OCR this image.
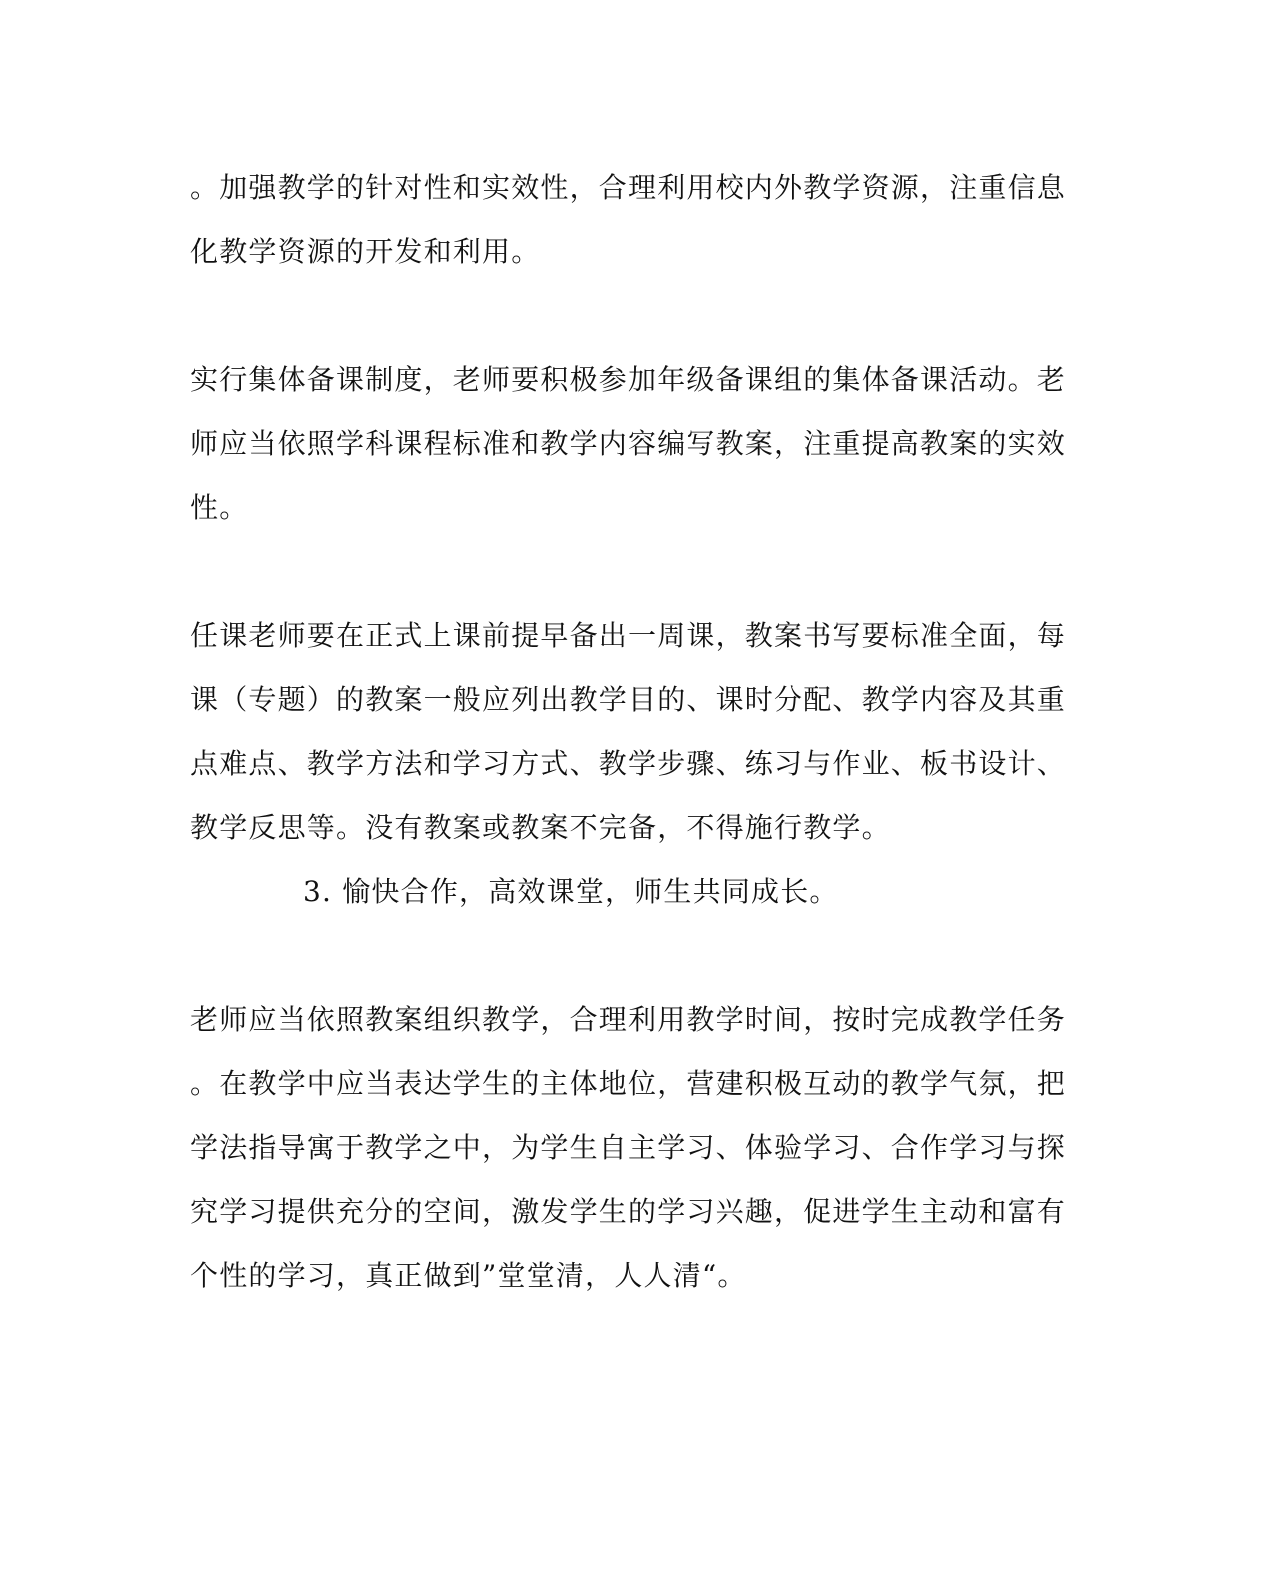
。加强教学的针对性和实效性，合理利用校内外教学资源，注重信息
化教学资源的开发和利用。
实行集体备课制度，老师要积极参加年级备课组的集体备课活动。老
师应当依照学科课程标准和教学内容编写教案，注重提高教案的实效
性。
任课老师要在正式上课前提早备出一周课，教案书写要标准全面，每
课（专题）的教案一般应列出教学目的、课时分配、教学内容及其重
点难点、教学方法和学习方式、教学步骤、练习与作业、板书设计、
教学反思等。没有教案或教案不完备，不得施行教学。
3. 愉快合作，高效课堂，师生共同成长。
老师应当依照教案组织教学，合理利用教学时间，按时完成教学任务
。在教学中应当表达学生的主体地位，营建积极互动的教学气氛，把
学法指导寓于教学之中，为学生自主学习、体验学习、合作学习与探
究学习提供充分的空间，激发学生的学习兴趣，促进学生主动和富有
个性的学习，真正做到”堂堂清，人人清“。
